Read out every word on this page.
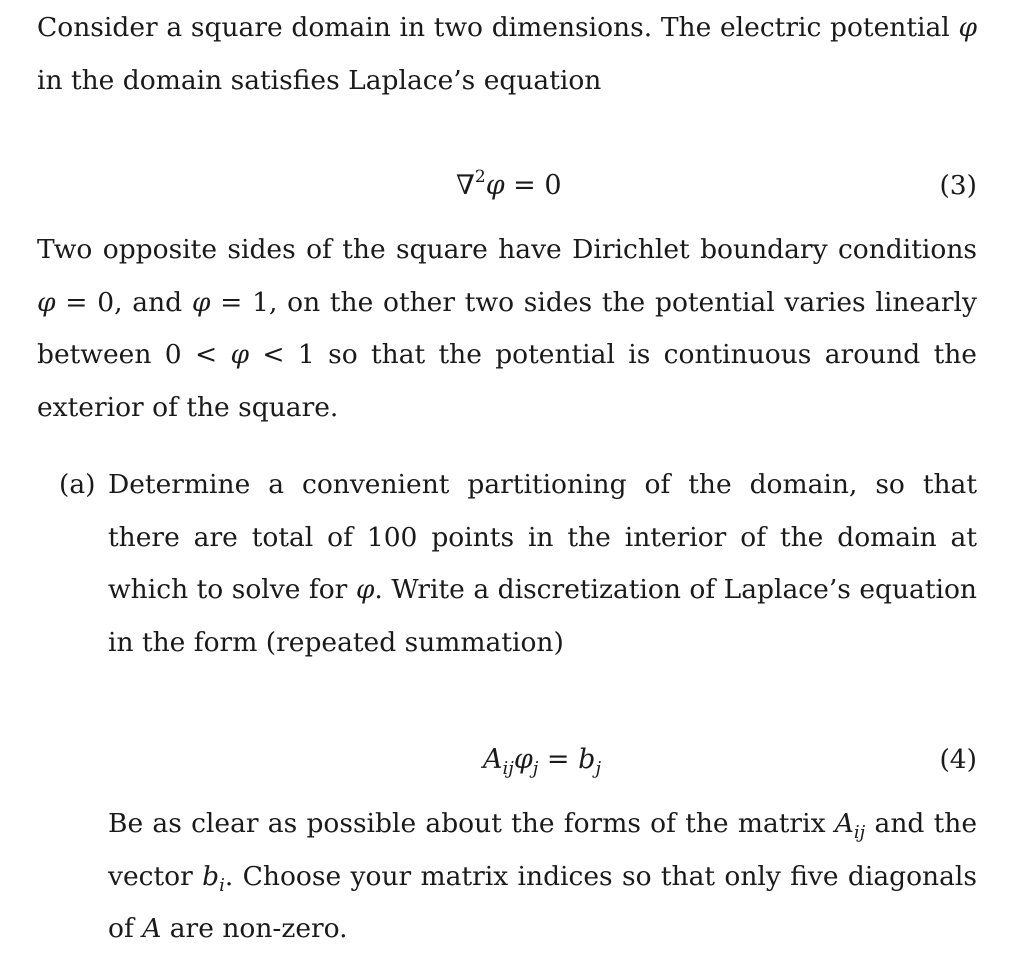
Consider a square domain in two dimensions. The electric potential φ in the domain satisfies Laplace’s equation

∇$^2$φ = 0	(3)

Two opposite sides of the square have Dirichlet boundary conditions φ = 0, and φ = 1, on the other two sides the potential varies linearly between 0 < φ < 1 so that the potential is continuous around the exterior of the square.

(a) Determine a convenient partitioning of the domain, so that there are total of 100 points in the interior of the domain at which to solve for φ. Write a discretization of Laplace’s equation in the form (repeated summation)

$A_{ij}\varphi_j = b_j$	(4)

Be as clear as possible about the forms of the matrix $A_{ij}$ and the vector $b_i$. Choose your matrix indices so that only five diagonals of A are non-zero.
